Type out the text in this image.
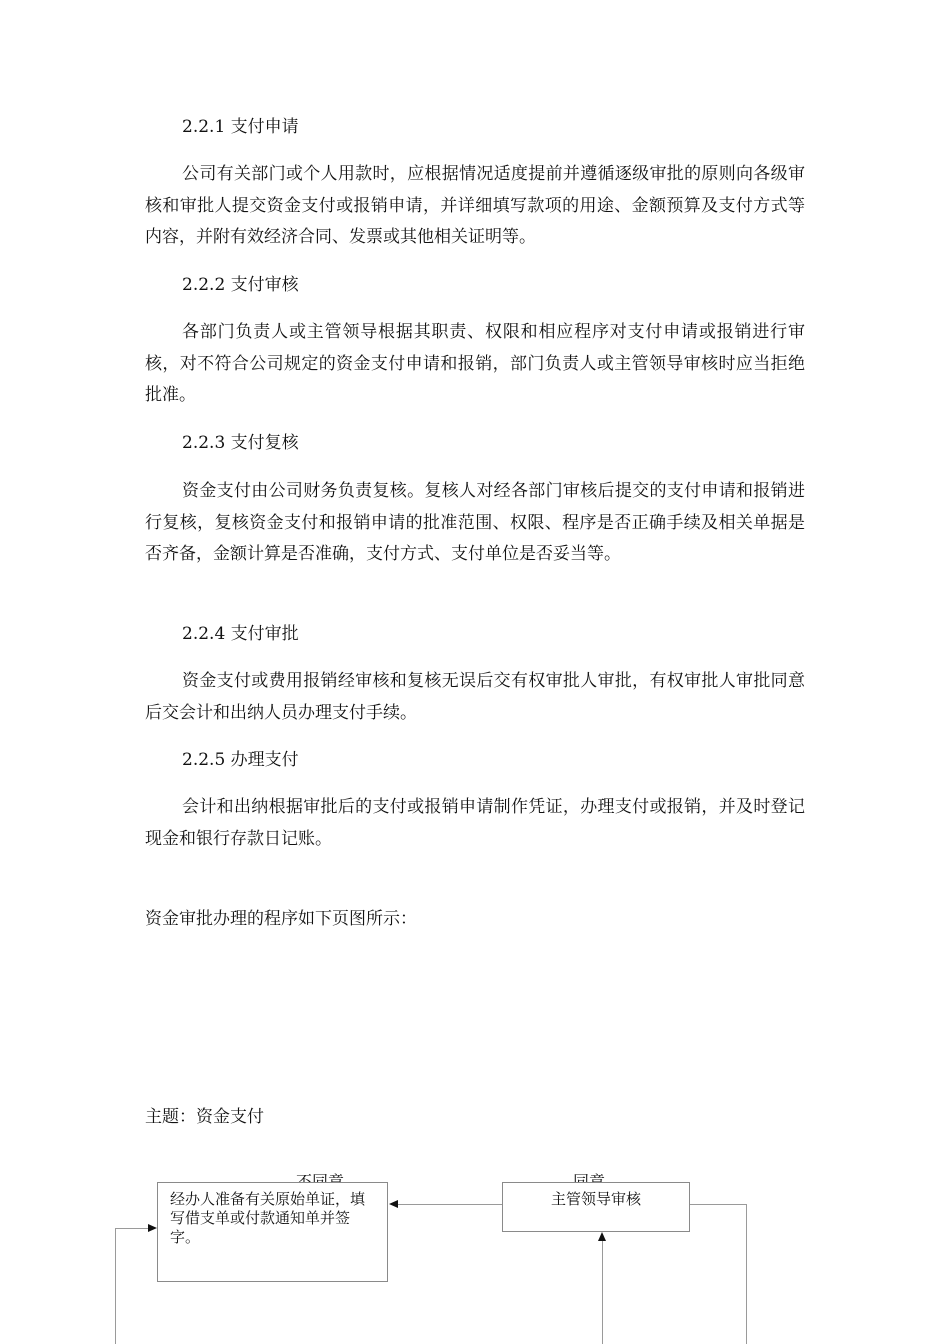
2.2.1 支付申请
公司有关部门或个人用款时，应根据情况适度提前并遵循逐级审批的原则向各级审核和审批人提交资金支付或报销申请，并详细填写款项的用途、金额预算及支付方式等内容，并附有效经济合同、发票或其他相关证明等。
2.2.2 支付审核
各部门负责人或主管领导根据其职责、权限和相应程序对支付申请或报销进行审核，对不符合公司规定的资金支付申请和报销，部门负责人或主管领导审核时应当拒绝批准。
2.2.3 支付复核
资金支付由公司财务负责复核。复核人对经各部门审核后提交的支付申请和报销进行复核，复核资金支付和报销申请的批准范围、权限、程序是否正确手续及相关单据是否齐备，金额计算是否准确，支付方式、支付单位是否妥当等。
2.2.4 支付审批
资金支付或费用报销经审核和复核无误后交有权审批人审批，有权审批人审批同意后交会计和出纳人员办理支付手续。
2.2.5 办理支付
会计和出纳根据审批后的支付或报销申请制作凭证，办理支付或报销，并及时登记现金和银行存款日记账。
资金审批办理的程序如下页图所示：
主题：资金支付
经办人准备有关原始单证，填写借支单或付款通知单并签字。
主管领导审核
